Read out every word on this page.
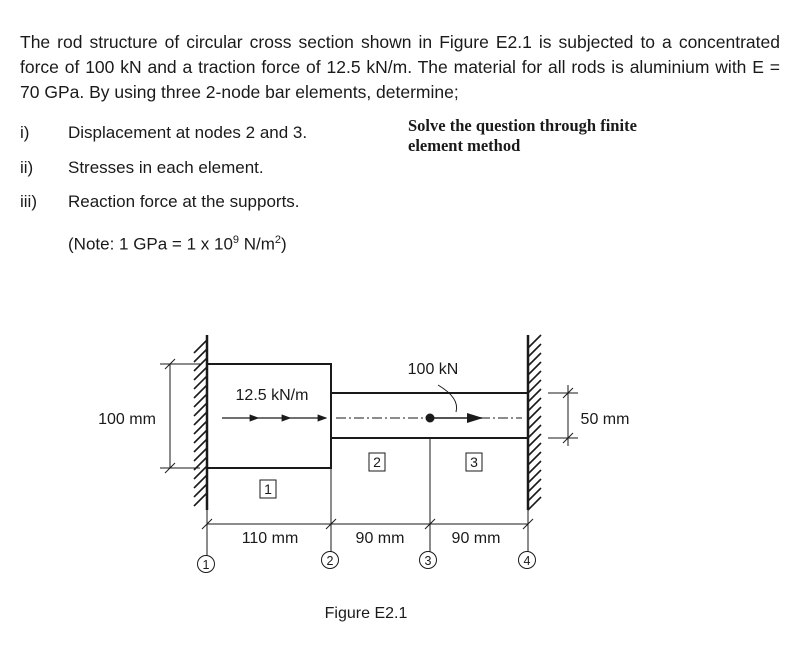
The rod structure of circular cross section shown in Figure E2.1 is subjected to a concentrated force of 100 kN and a traction force of 12.5 kN/m. The material for all rods is aluminium with E = 70 GPa. By using three 2-node bar elements, determine;

i) Displacement at nodes 2 and 3.
ii) Stresses in each element.
iii) Reaction force at the supports.
(Note: 1 GPa = 1 x $10^9$ $N/m^2$)
Solve the question through finite
element method
12.5 kN/m
100 kN
100 mm	50 mm
1
2	3
110 mm	90 mm	90 mm
1	2	3	4
Figure E2.1
